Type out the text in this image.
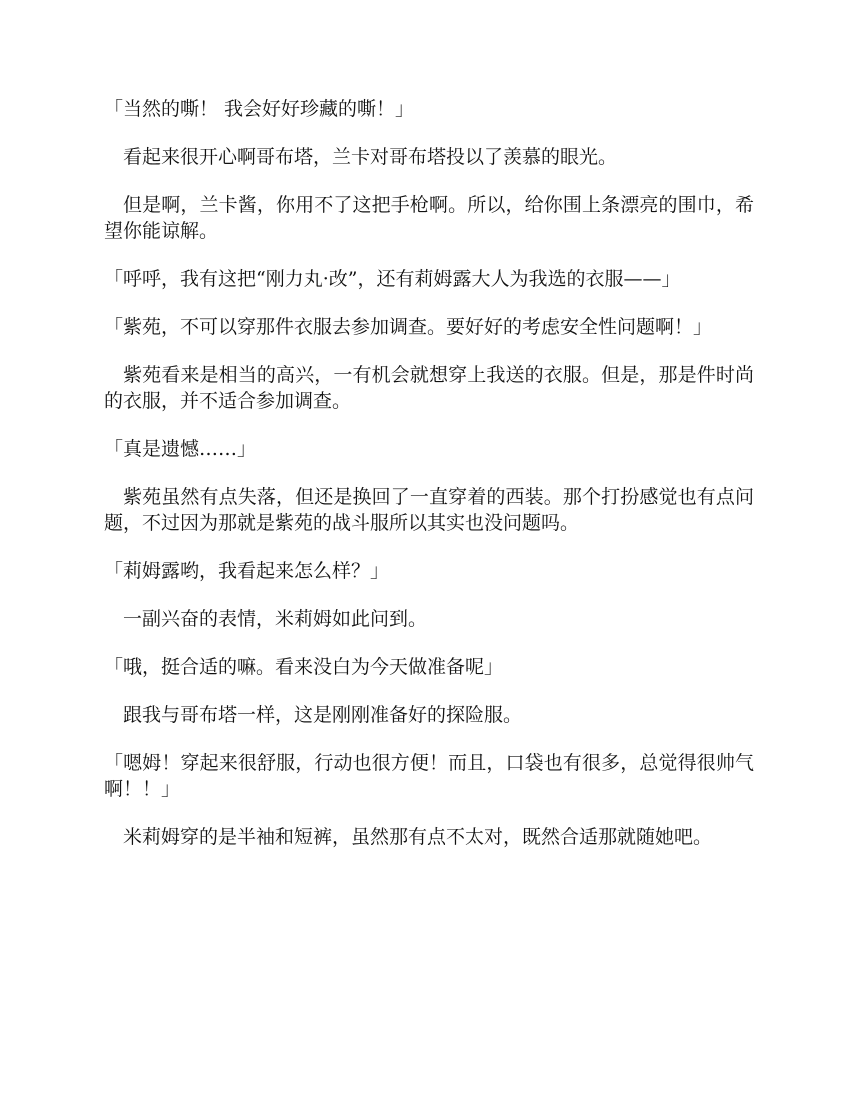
「当然的嘶！ 我会好好珍藏的嘶！」

看起来很开心啊哥布塔，兰卡对哥布塔投以了羡慕的眼光。

但是啊，兰卡酱，你用不了这把手枪啊。所以，给你围上条漂亮的围巾，希望你能谅解。

「呼呼，我有这把“刚力丸·改”，还有莉姆露大人为我选的衣服——」

「紫苑，不可以穿那件衣服去参加调查。要好好的考虑安全性问题啊！」

紫苑看来是相当的高兴，一有机会就想穿上我送的衣服。但是，那是件时尚的衣服，并不适合参加调查。

「真是遗憾……」

紫苑虽然有点失落，但还是换回了一直穿着的西装。那个打扮感觉也有点问题，不过因为那就是紫苑的战斗服所以其实也没问题吗。

「莉姆露哟，我看起来怎么样？」

一副兴奋的表情，米莉姆如此问到。

「哦，挺合适的嘛。看来没白为今天做准备呢」

跟我与哥布塔一样，这是刚刚准备好的探险服。

「嗯姆！穿起来很舒服，行动也很方便！而且，口袋也有很多，总觉得很帅气啊！！」

米莉姆穿的是半袖和短裤，虽然那有点不太对，既然合适那就随她吧。
